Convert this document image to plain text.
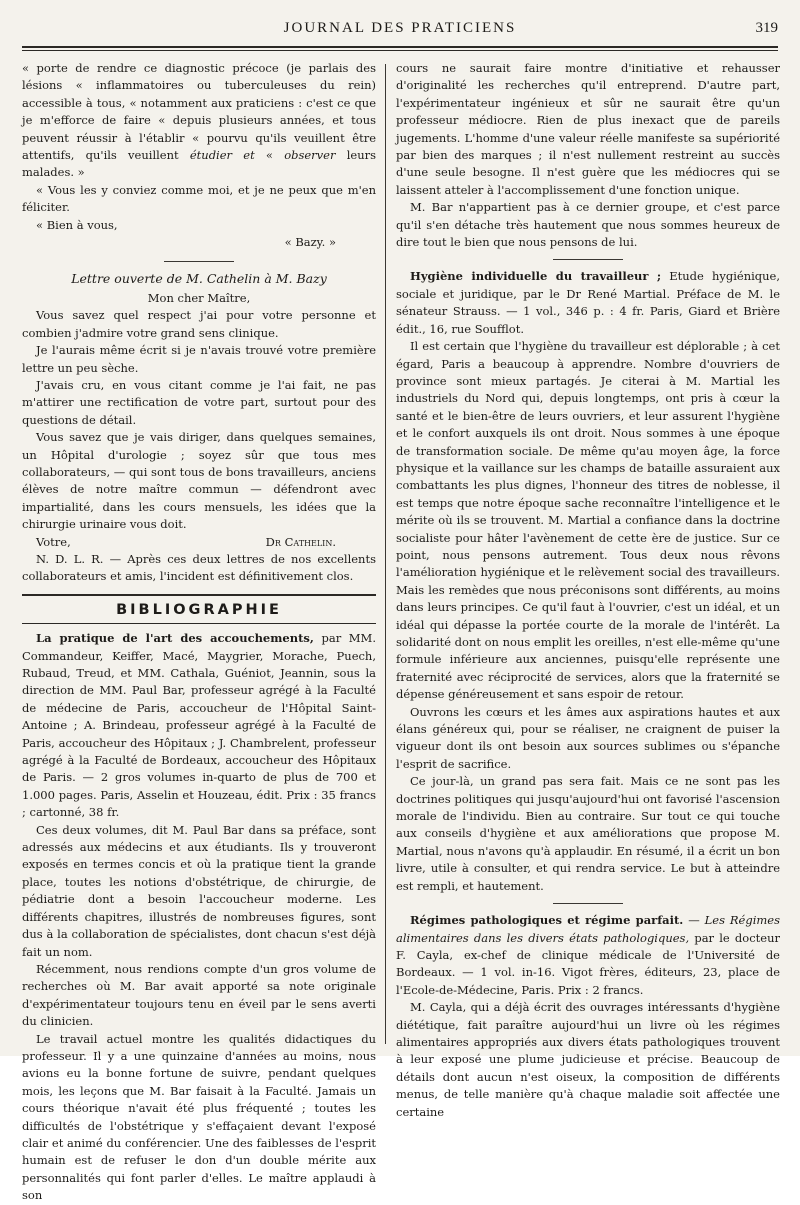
JOURNAL DES PRATICIENS	319

« porte de rendre ce diagnostic précoce (je parlais des lésions « inflammatoires ou tuberculeuses du rein) accessible à tous, « notamment aux praticiens : c'est ce que je m'efforce de faire « depuis plusieurs années, et tous peuvent réussir à l'établir « pourvu qu'ils veuillent être attentifs, qu'ils veuillent étudier et « observer leurs malades. »

« Vous les y conviez comme moi, et je ne peux que m'en féliciter.

« Bien à vous,

« Bazy. »

Lettre ouverte de M. Cathelin à M. Bazy

Mon cher Maître,

Vous savez quel respect j'ai pour votre personne et combien j'admire votre grand sens clinique.

Je l'aurais même écrit si je n'avais trouvé votre première lettre un peu sèche.

J'avais cru, en vous citant comme je l'ai fait, ne pas m'attirer une rectification de votre part, surtout pour des questions de détail.

Vous savez que je vais diriger, dans quelques semaines, un Hôpital d'urologie ; soyez sûr que tous mes collaborateurs, — qui sont tous de bons travailleurs, anciens élèves de notre maître commun — défendront avec impartialité, dans les cours mensuels, les idées que la chirurgie urinaire vous doit.

Votre,	Dr Cathelin.

N. D. L. R. — Après ces deux lettres de nos excellents collaborateurs et amis, l'incident est définitivement clos.

BIBLIOGRAPHIE

La pratique de l'art des accouchements, par MM. Commandeur, Keiffer, Macé, Maygrier, Morache, Puech, Rubaud, Treud, et MM. Cathala, Guéniot, Jeannin, sous la direction de MM. Paul Bar, professeur agrégé à la Faculté de médecine de Paris, accoucheur de l'Hôpital Saint-Antoine ; A. Brindeau, professeur agrégé à la Faculté de Paris, accoucheur des Hôpitaux ; J. Chambrelent, professeur agrégé à la Faculté de Bordeaux, accoucheur des Hôpitaux de Paris. — 2 gros volumes in-quarto de plus de 700 et 1.000 pages. Paris, Asselin et Houzeau, édit. Prix : 35 francs ; cartonné, 38 fr.

Ces deux volumes, dit M. Paul Bar dans sa préface, sont adressés aux médecins et aux étudiants. Ils y trouveront exposés en termes concis et où la pratique tient la grande place, toutes les notions d'obstétrique, de chirurgie, de pédiatrie dont a besoin l'accoucheur moderne. Les différents chapitres, illustrés de nombreuses figures, sont dus à la collaboration de spécialistes, dont chacun s'est déjà fait un nom.

Récemment, nous rendions compte d'un gros volume de recherches où M. Bar avait apporté sa note originale d'expérimentateur toujours tenu en éveil par le sens averti du clinicien.

Le travail actuel montre les qualités didactiques du professeur. Il y a une quinzaine d'années au moins, nous avions eu la bonne fortune de suivre, pendant quelques mois, les leçons que M. Bar faisait à la Faculté. Jamais un cours théorique n'avait été plus fréquenté ; toutes les difficultés de l'obstétrique y s'effaçaient devant l'exposé clair et animé du conférencier. Une des faiblesses de l'esprit humain est de refuser le don d'un double mérite aux personnalités qui font parler d'elles. Le maître applaudi à son

cours ne saurait faire montre d'initiative et rehausser d'originalité les recherches qu'il entreprend. D'autre part, l'expérimentateur ingénieux et sûr ne saurait être qu'un professeur médiocre. Rien de plus inexact que de pareils jugements. L'homme d'une valeur réelle manifeste sa supériorité par bien des marques ; il n'est nullement restreint au succès d'une seule besogne. Il n'est guère que les médiocres qui se laissent atteler à l'accomplissement d'une fonction unique.

M. Bar n'appartient pas à ce dernier groupe, et c'est parce qu'il s'en détache très hautement que nous sommes heureux de dire tout le bien que nous pensons de lui.

Hygiène individuelle du travailleur ; Etude hygiénique, sociale et juridique, par le Dr René Martial. Préface de M. le sénateur Strauss. — 1 vol., 346 p. : 4 fr. Paris, Giard et Brière édit., 16, rue Soufflot.

Il est certain que l'hygiène du travailleur est déplorable ; à cet égard, Paris a beaucoup à apprendre. Nombre d'ouvriers de province sont mieux partagés. Je citerai à M. Martial les industriels du Nord qui, depuis longtemps, ont pris à cœur la santé et le bien-être de leurs ouvriers, et leur assurent l'hygiène et le confort auxquels ils ont droit. Nous sommes à une époque de transformation sociale. De même qu'au moyen âge, la force physique et la vaillance sur les champs de bataille assuraient aux combattants les plus dignes, l'honneur des titres de noblesse, il est temps que notre époque sache reconnaître l'intelligence et le mérite où ils se trouvent. M. Martial a confiance dans la doctrine socialiste pour hâter l'avènement de cette ère de justice. Sur ce point, nous pensons autrement. Tous deux nous rêvons l'amélioration hygiénique et le relèvement social des travailleurs. Mais les remèdes que nous préconisons sont différents, au moins dans leurs principes. Ce qu'il faut à l'ouvrier, c'est un idéal, et un idéal qui dépasse la portée courte de la morale de l'intérêt. La solidarité dont on nous emplit les oreilles, n'est elle-même qu'une formule inférieure aux anciennes, puisqu'elle représente une fraternité avec réciprocité de services, alors que la fraternité se dépense généreusement et sans espoir de retour.

Ouvrons les cœurs et les âmes aux aspirations hautes et aux élans généreux qui, pour se réaliser, ne craignent de puiser la vigueur dont ils ont besoin aux sources sublimes ou s'épanche l'esprit de sacrifice.

Ce jour-là, un grand pas sera fait. Mais ce ne sont pas les doctrines politiques qui jusqu'aujourd'hui ont favorisé l'ascension morale de l'individu. Bien au contraire. Sur tout ce qui touche aux conseils d'hygiène et aux améliorations que propose M. Martial, nous n'avons qu'à applaudir. En résumé, il a écrit un bon livre, utile à consulter, et qui rendra service. Le but à atteindre est rempli, et hautement.

Régimes pathologiques et régime parfait. — Les Régimes alimentaires dans les divers états pathologiques, par le docteur F. Cayla, ex-chef de clinique médicale de l'Université de Bordeaux. — 1 vol. in-16. Vigot frères, éditeurs, 23, place de l'Ecole-de-Médecine, Paris. Prix : 2 francs.

M. Cayla, qui a déjà écrit des ouvrages intéressants d'hygiène diététique, fait paraître aujourd'hui un livre où les régimes alimentaires appropriés aux divers états pathologiques trouvent à leur exposé une plume judicieuse et précise. Beaucoup de détails dont aucun n'est oiseux, la composition de différents menus, de telle manière qu'à chaque maladie soit affectée une certaine
